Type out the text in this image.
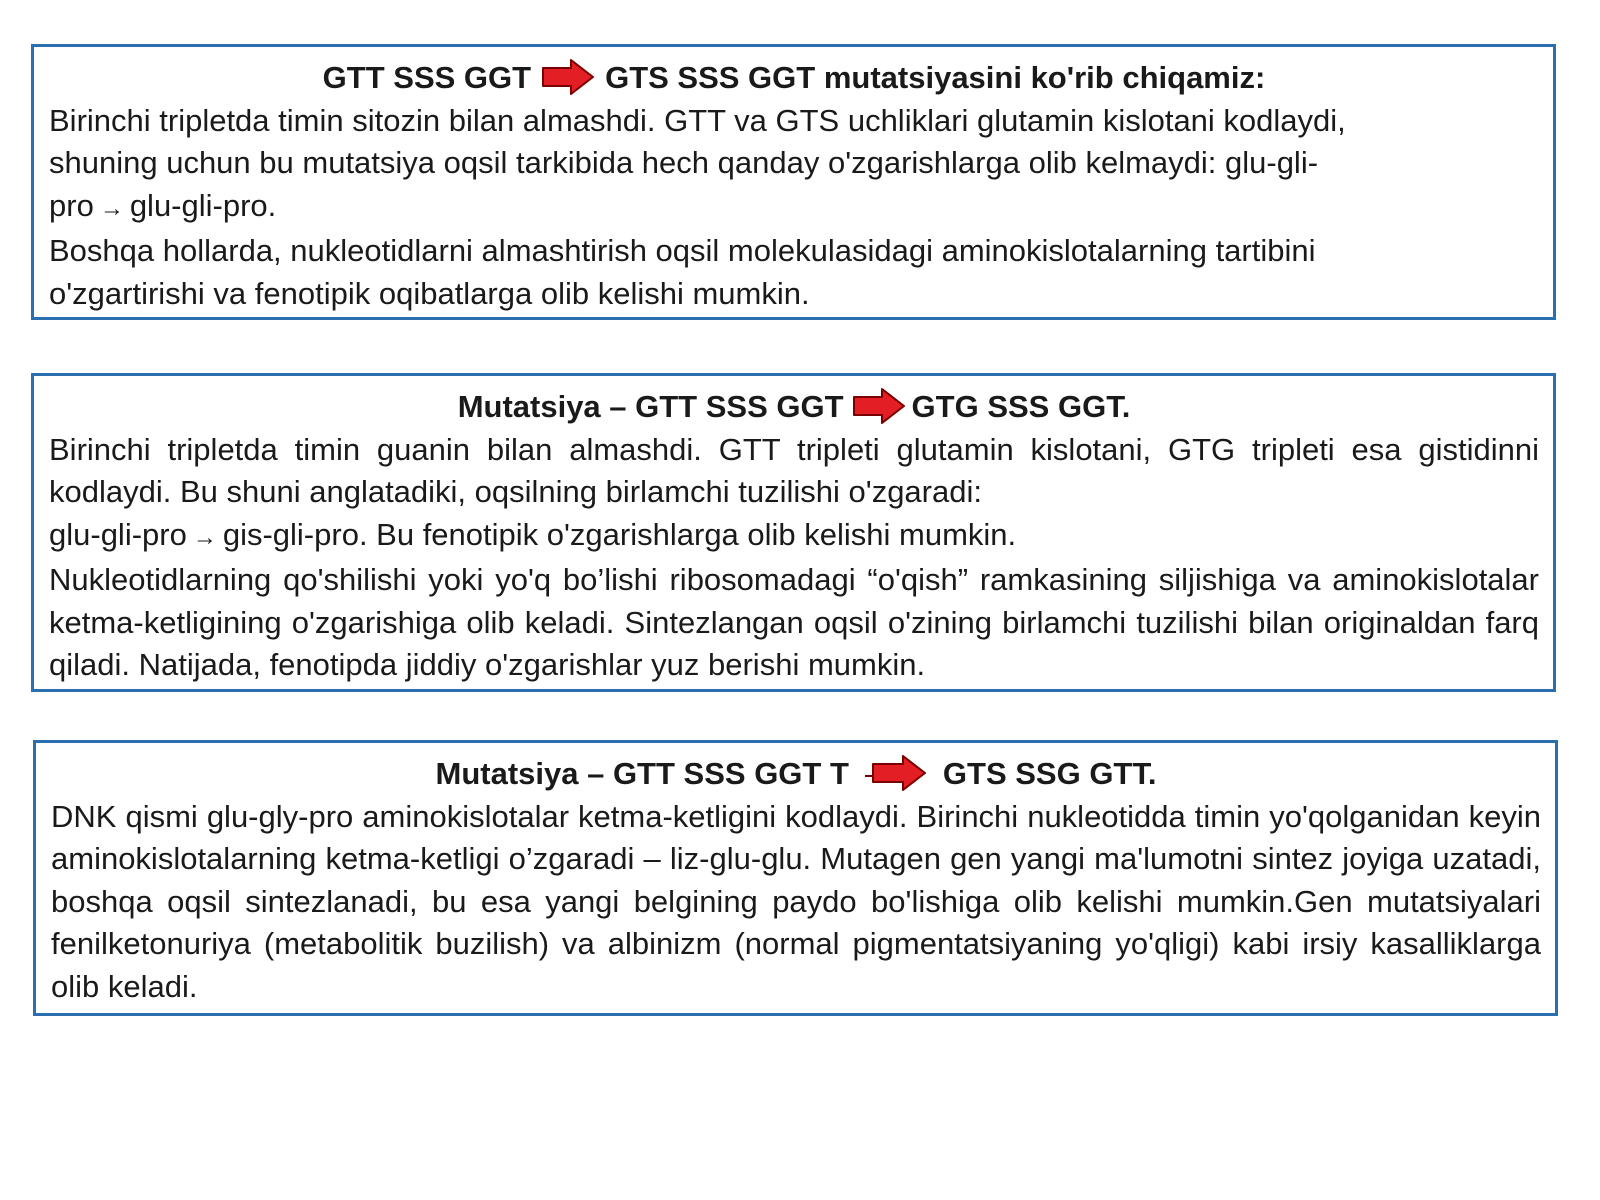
GTT SSS GGT GTS SSS GGT mutatsiyasini ko'rib chiqamiz:

Birinchi tripletda timin sitozin bilan almashdi. GTT va GTS uchliklari glutamin kislotani kodlaydi,
shuning uchun bu mutatsiya oqsil tarkibida hech qanday o'zgarishlarga olib kelmaydi: glu-gli-
pro → glu-gli-pro.

Boshqa hollarda, nukleotidlarni almashtirish oqsil molekulasidagi aminokislotalarning tartibini
o'zgartirishi va fenotipik oqibatlarga olib kelishi mumkin.

Mutatsiya – GTT SSS GGT GTG SSS GGT.

Birinchi tripletda timin guanin bilan almashdi. GTT tripleti glutamin kislotani, GTG tripleti esa gistidinni kodlaydi. Bu shuni anglatadiki, oqsilning birlamchi tuzilishi o'zgaradi:

glu-gli-pro → gis-gli-pro. Bu fenotipik o'zgarishlarga olib kelishi mumkin.

Nukleotidlarning qo'shilishi yoki yo'q bo’lishi ribosomadagi “o'qish” ramkasining siljishiga va aminokislotalar ketma-ketligining o'zgarishiga olib keladi. Sintezlangan oqsil o'zining birlamchi tuzilishi bilan originaldan farq qiladi. Natijada, fenotipda jiddiy o'zgarishlar yuz berishi mumkin.

Mutatsiya – GTT SSS GGT T	GTS SSG GTT.

DNK qismi glu-gly-pro aminokislotalar ketma-ketligini kodlaydi. Birinchi nukleotidda timin yo'qolganidan keyin aminokislotalarning ketma-ketligi o’zgaradi – liz-glu-glu. Mutagen gen yangi ma'lumotni sintez joyiga uzatadi, boshqa oqsil sintezlanadi, bu esa yangi belgining paydo bo'lishiga olib kelishi mumkin.Gen mutatsiyalari fenilketonuriya (metabolitik buzilish) va albinizm (normal pigmentatsiyaning yo'qligi) kabi irsiy kasalliklarga olib keladi.
